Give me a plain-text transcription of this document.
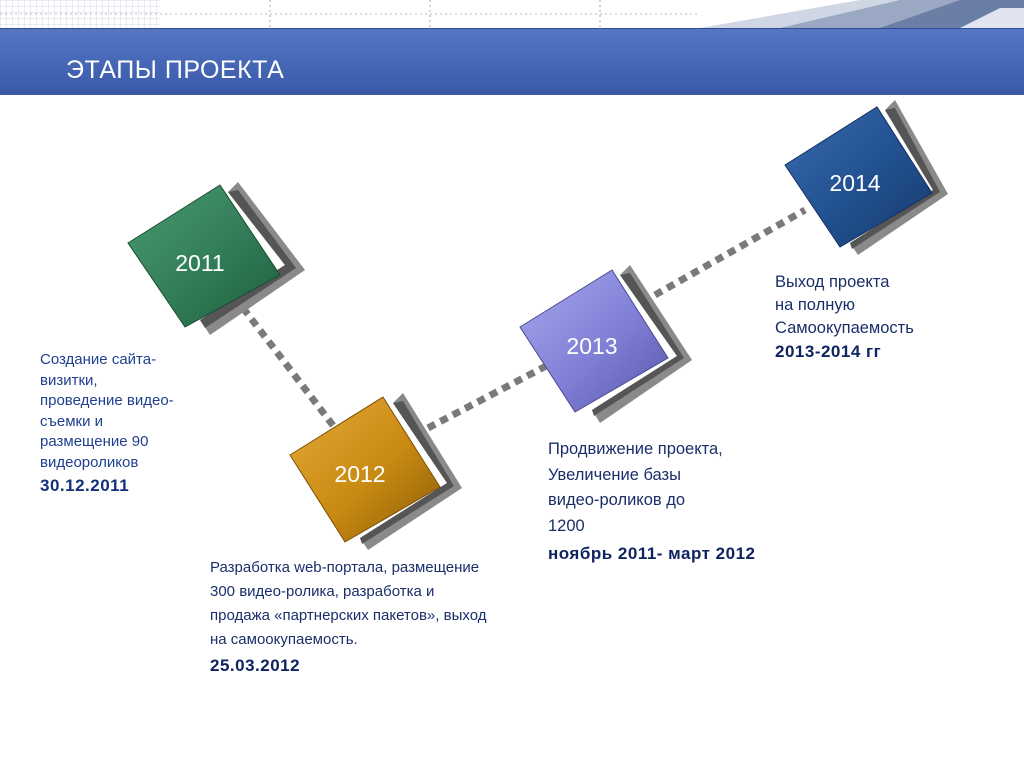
ЭТАПЫ ПРОЕКТА
2011
2012
2013
2014
Создание сайта-
визитки,
проведение видео-
съемки и
размещение 90
видеороликов
30.12.2011
Разработка web-портала, размещение
300 видео-ролика, разработка и
продажа «партнерских пакетов», выход
на самоокупаемость.
25.03.2012
Продвижение проекта,
Увеличение базы
видео-роликов до
1200
ноябрь 2011- март 2012
Выход проекта
на полную
Самоокупаемость
2013-2014 гг
